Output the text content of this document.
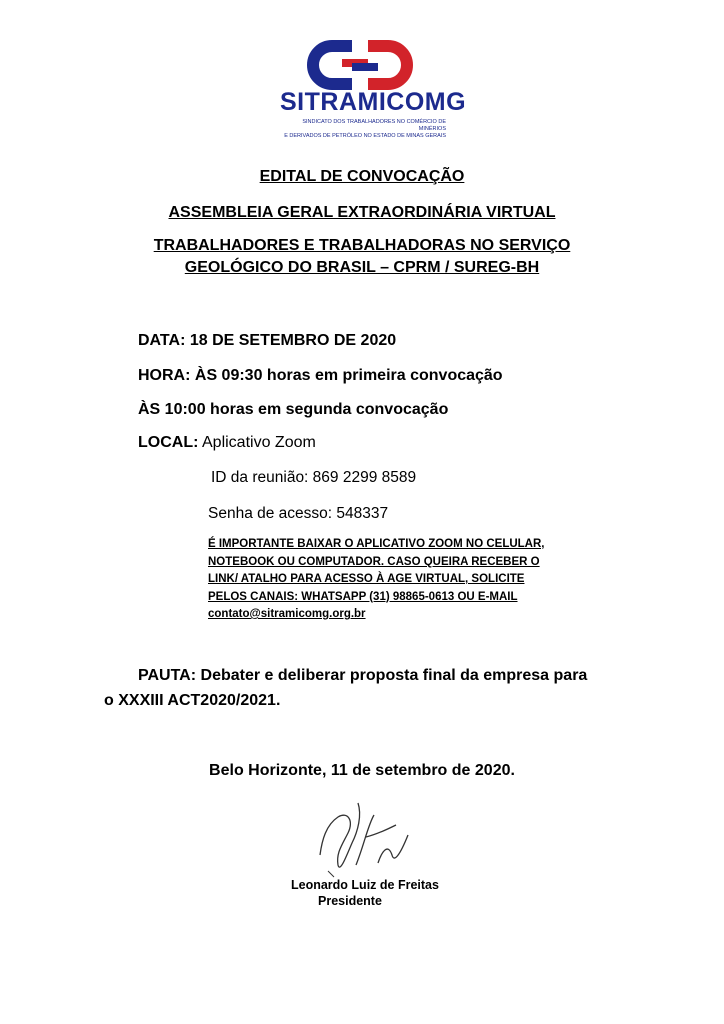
SITRAMICOMG
SINDICATO DOS TRABALHADORES NO COMÉRCIO DE MINÉRIOS
E DERIVADOS DE PETRÓLEO NO ESTADO DE MINAS GERAIS
EDITAL DE CONVOCAÇÃO
ASSEMBLEIA GERAL EXTRAORDINÁRIA VIRTUAL
TRABALHADORES E TRABALHADORAS NO SERVIÇO
GEOLÓGICO DO BRASIL – CPRM / SUREG-BH
DATA: 18 DE SETEMBRO DE 2020
HORA: ÀS 09:30 horas em primeira convocação
ÀS 10:00 horas em segunda convocação
LOCAL: Aplicativo Zoom
ID da reunião: 869 2299 8589
Senha de acesso: 548337
É IMPORTANTE BAIXAR O APLICATIVO ZOOM NO CELULAR,
NOTEBOOK OU COMPUTADOR. CASO QUEIRA RECEBER O
LINK/ ATALHO PARA ACESSO À AGE VIRTUAL, SOLICITE
PELOS CANAIS: WHATSAPP (31) 98865-0613 OU E-MAIL
contato@sitramicomg.org.br
PAUTA: Debater e deliberar proposta final da empresa para
o XXXIII ACT2020/2021.
Belo Horizonte, 11 de setembro de 2020.
Leonardo Luiz de Freitas
Presidente
